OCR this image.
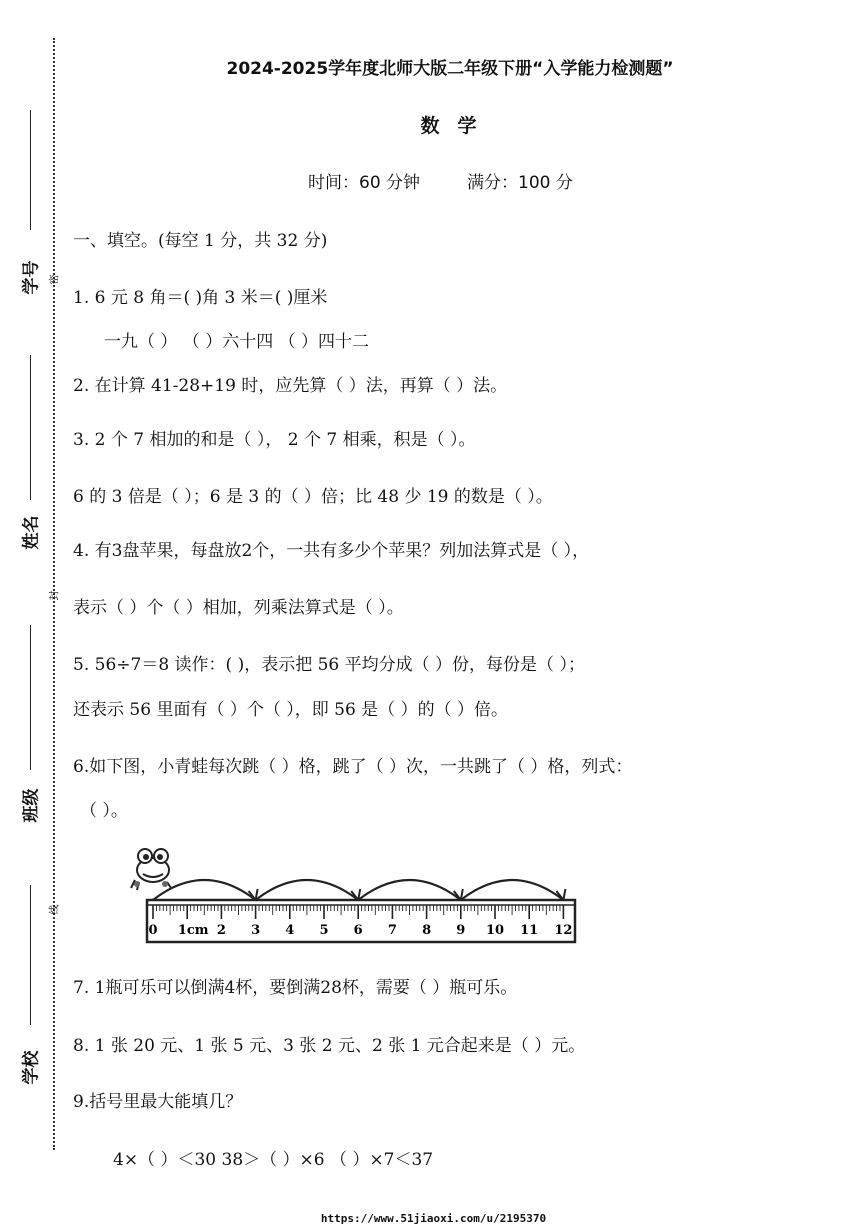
学号
姓名
班级
学校
密
封
线
2024-2025学年度北师大版二年级下册“入学能力检测题”
数学
时间：60 分钟	满分：100 分
一、填空。(每空 1 分，共 32 分)
1. 6 元 8 角＝( )角 3 米＝( )厘米
一九（ ） （ ）六十四 （ ）四十二
2. 在计算 41-28+19 时，应先算（ ）法，再算（ ）法。
3. 2 个 7 相加的和是（ ）， 2 个 7 相乘，积是（ ）。
6 的 3 倍是（ ）；6 是 3 的（ ）倍；比 48 少 19 的数是（ ）。
4. 有3盘苹果，每盘放2个，一共有多少个苹果？列加法算式是（ ），
表示（ ）个（ ）相加，列乘法算式是（ ）。
5. 56÷7＝8 读作：( )，表示把 56 平均分成（ ）份，每份是（ ）；
还表示 56 里面有（ ）个（ ），即 56 是（ ）的（ ）倍。
6.如下图，小青蛙每次跳（ ）格，跳了（ ）次，一共跳了（ ）格，列式：
（ ）。
0 1cm 2 3 4 5 6 7 8 9 10 11 12
7. 1瓶可乐可以倒满4杯，要倒满28杯，需要（ ）瓶可乐。
8. 1 张 20 元、1 张 5 元、3 张 2 元、2 张 1 元合起来是（ ）元。
9.括号里最大能填几？
4×（ ）＜30 38＞（ ）×6 （ ）×7＜37
https://www.51jiaoxi.com/u/2195370
